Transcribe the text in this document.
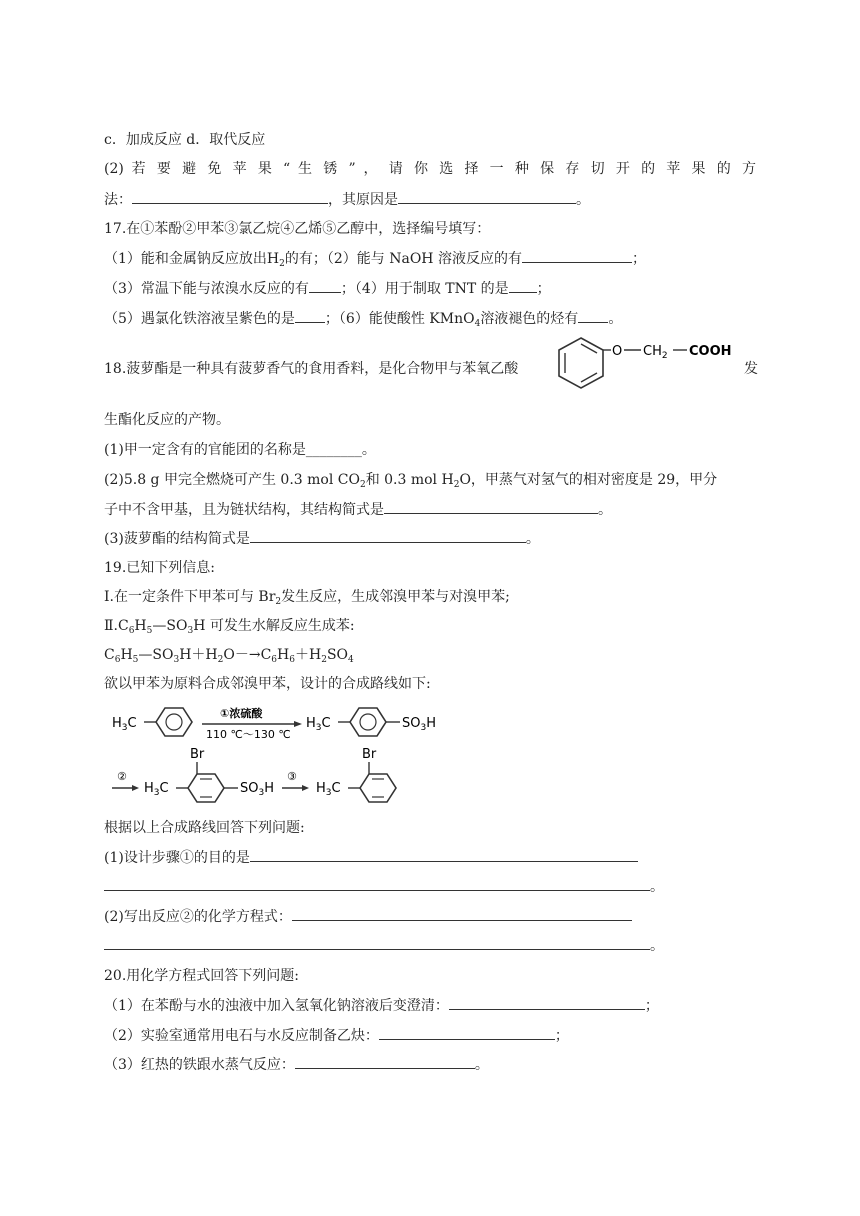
c．加成反应 d．取代反应
(2) 若 要 避 免 苹 果 “ 生 锈 ” ， 请 你 选 择 一 种 保 存 切 开 的 苹 果 的 方
法：	，其原因是	。
17.在①苯酚②甲苯③氯乙烷④乙烯⑤乙醇中，选择编号填写：
（1）能和金属钠反应放出$H_2$的有；（2）能与 NaOH 溶液反应的有	；
（3）常温下能与浓溴水反应的有 ；（4）用于制取 TNT 的是 ；
（5）遇氯化铁溶液呈紫色的是 ；（6）能使酸性 KMnO$_4$溶液褪色的烃有 。
18.菠萝酯是一种具有菠萝香气的食用香料，是化合物甲与苯氧乙酸
O $CH_2$ COOH
发
生酯化反应的产物。
(1)甲一定含有的官能团的名称是________。
(2)5.8 g 甲完全燃烧可产生 0.3 mol $CO_2$和 0.3 mol $H_2O$，甲蒸气对氢气的相对密度是 29，甲分
子中不含甲基，且为链状结构，其结构简式是	。
(3)菠萝酯的结构简式是	。
19.已知下列信息:
Ⅰ.在一定条件下甲苯可与 $Br_2$发生反应，生成邻溴甲苯与对溴甲苯;
$Ⅱ.C_6H_5—SO_3H$ 可发生水解反应生成苯:
$C_6H_5—SO_3H+H_2O-\to C_6H_6+H_2SO_4$
欲以甲苯为原料合成邻溴甲苯，设计的合成路线如下:
$H_3C$
①浓硫酸
110 ℃～130 ℃
$H_3C$	$SO_3H$
②
$H_3C$
Br
$SO_3H$
③
$H_3C$
Br
根据以上合成路线回答下列问题:
(1)设计步骤①的目的是
。
(2)写出反应②的化学方程式：
。
20.用化学方程式回答下列问题:
（1）在苯酚与水的浊液中加入氢氧化钠溶液后变澄清：	；
（2）实验室通常用电石与水反应制备乙炔：	；
（3）红热的铁跟水蒸气反应：	。
